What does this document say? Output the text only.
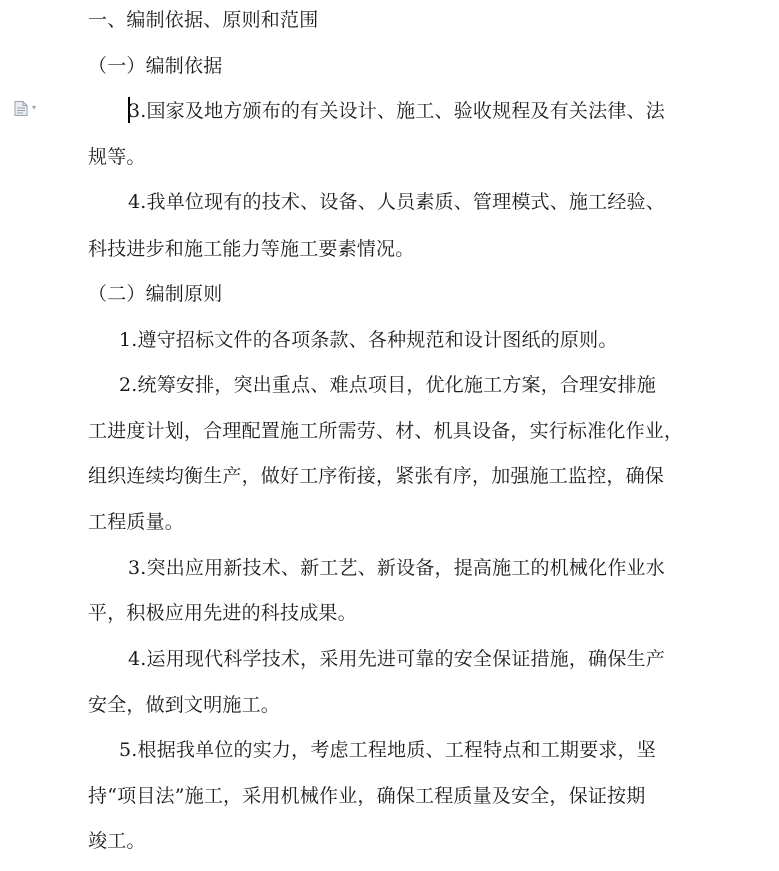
▾
一、编制依据、原则和范围
（一）编制依据
3.国家及地方颁布的有关设计、施工、验收规程及有关法律、法
规等。
4.我单位现有的技术、设备、人员素质、管理模式、施工经验、
科技进步和施工能力等施工要素情况。
（二）编制原则
1.遵守招标文件的各项条款、各种规范和设计图纸的原则。
2.统筹安排，突出重点、难点项目，优化施工方案，合理安排施
工进度计划，合理配置施工所需劳、材、机具设备，实行标准化作业，
组织连续均衡生产，做好工序衔接，紧张有序，加强施工监控，确保
工程质量。
3.突出应用新技术、新工艺、新设备，提高施工的机械化作业水
平，积极应用先进的科技成果。
4.运用现代科学技术，采用先进可靠的安全保证措施，确保生产
安全，做到文明施工。
5.根据我单位的实力，考虑工程地质、工程特点和工期要求，坚
持“项目法”施工，采用机械作业，确保工程质量及安全，保证按期
竣工。
